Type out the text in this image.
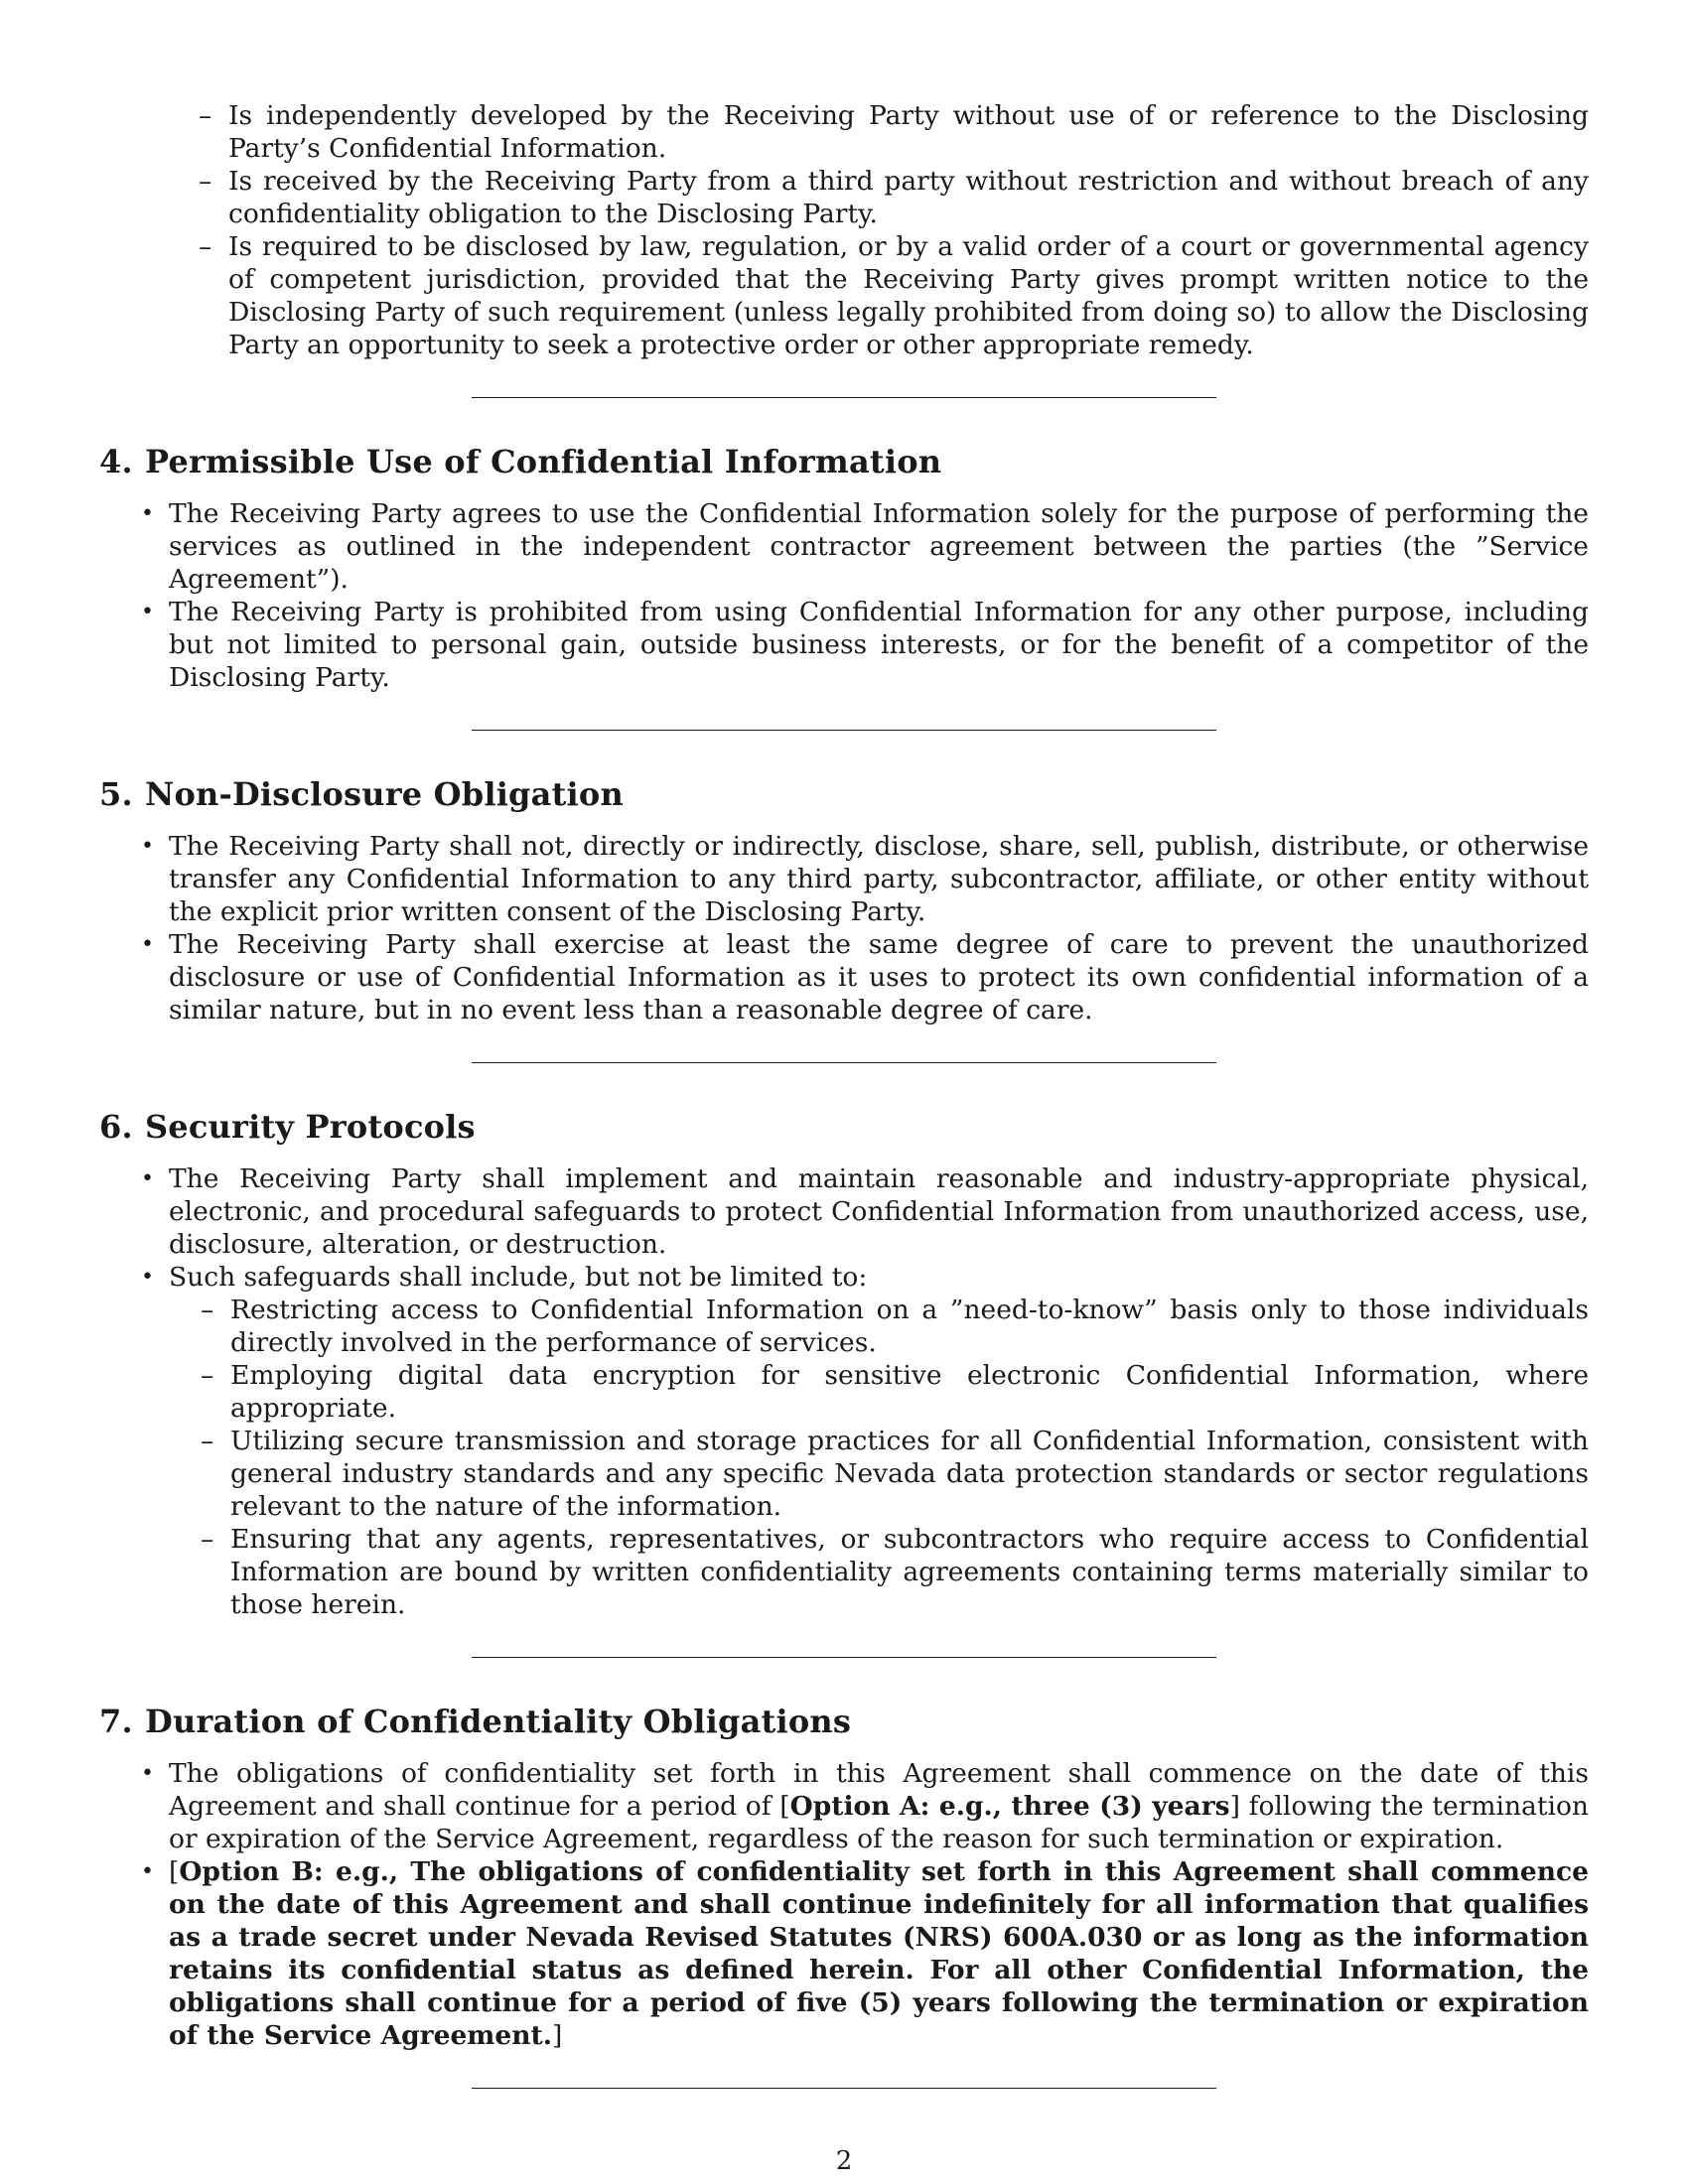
– Is independently developed by the Receiving Party without use of or reference to the Disclosing Party’s Confidential Information.
– Is received by the Receiving Party from a third party without restriction and without breach of any confidentiality obligation to the Disclosing Party.
– Is required to be disclosed by law, regulation, or by a valid order of a court or governmental agency of competent jurisdiction, provided that the Receiving Party gives prompt written notice to the Disclosing Party of such requirement (unless legally prohibited from doing so) to allow the Disclosing Party an opportunity to seek a protective order or other appropriate remedy.
4. Permissible Use of Confidential Information
• The Receiving Party agrees to use the Confidential Information solely for the purpose of performing the services as outlined in the independent contractor agreement between the parties (the ”Service Agreement”).
• The Receiving Party is prohibited from using Confidential Information for any other purpose, including but not limited to personal gain, outside business interests, or for the benefit of a competitor of the Disclosing Party.
5. Non-Disclosure Obligation
• The Receiving Party shall not, directly or indirectly, disclose, share, sell, publish, distribute, or otherwise transfer any Confidential Information to any third party, subcontractor, affiliate, or other entity without the explicit prior written consent of the Disclosing Party.
• The Receiving Party shall exercise at least the same degree of care to prevent the unauthorized disclosure or use of Confidential Information as it uses to protect its own confidential information of a similar nature, but in no event less than a reasonable degree of care.
6. Security Protocols
• The Receiving Party shall implement and maintain reasonable and industry-appropriate physical, electronic, and procedural safeguards to protect Confidential Information from unauthorized access, use, disclosure, alteration, or destruction.
• Such safeguards shall include, but not be limited to:
– Restricting access to Confidential Information on a ”need-to-know” basis only to those individuals directly involved in the performance of services.
– Employing digital data encryption for sensitive electronic Confidential Information, where appropriate.
– Utilizing secure transmission and storage practices for all Confidential Information, consistent with general industry standards and any specific Nevada data protection standards or sector regulations relevant to the nature of the information.
– Ensuring that any agents, representatives, or subcontractors who require access to Confidential Information are bound by written confidentiality agreements containing terms materially similar to those herein.
7. Duration of Confidentiality Obligations
• The obligations of confidentiality set forth in this Agreement shall commence on the date of this Agreement and shall continue for a period of [Option A: e.g., three (3) years] following the termination or expiration of the Service Agreement, regardless of the reason for such termination or expiration.
• [Option B: e.g., The obligations of confidentiality set forth in this Agreement shall commence on the date of this Agreement and shall continue indefinitely for all information that qualifies as a trade secret under Nevada Revised Statutes (NRS) 600A.030 or as long as the information retains its confidential status as defined herein. For all other Confidential Information, the obligations shall continue for a period of five (5) years following the termination or expiration of the Service Agreement.]
2
